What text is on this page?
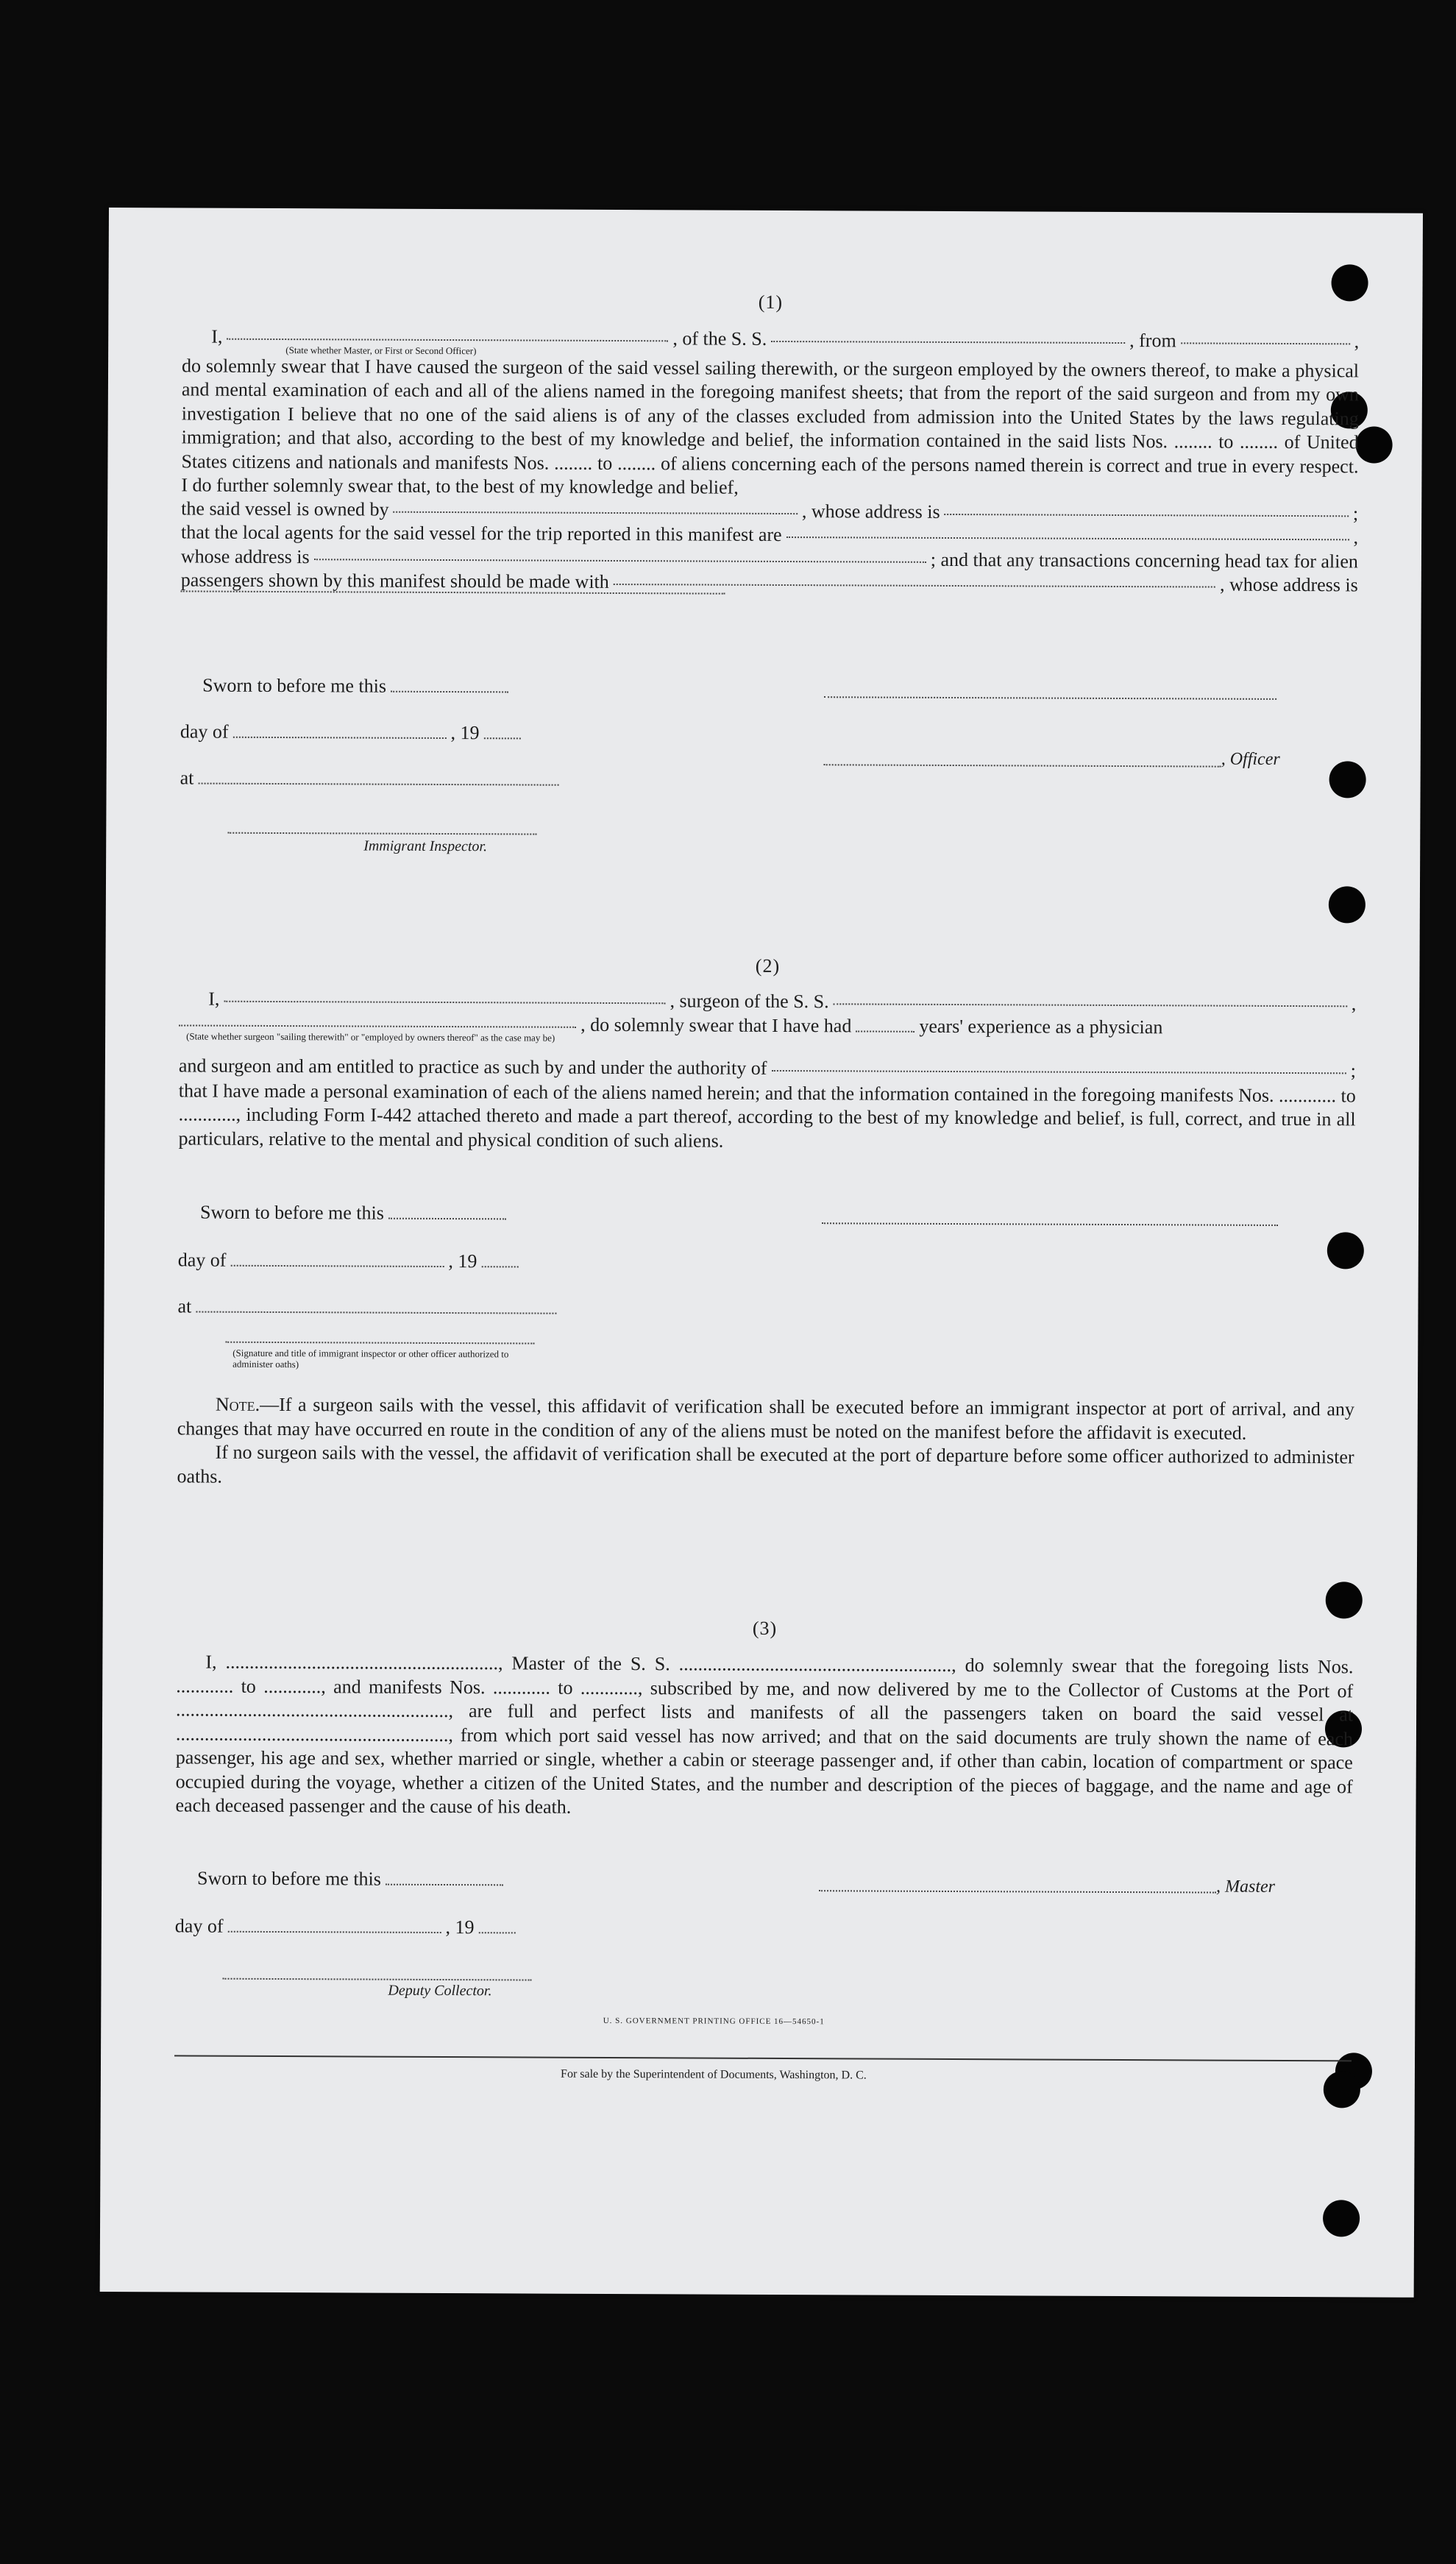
(1)
I,
(State whether Master, or First or Second Officer)
, of the S. S.	, from	,
do solemnly swear that I have caused the surgeon of the said vessel sailing therewith, or the surgeon employed by the owners thereof, to make a physical and mental examination of each and all of the aliens named in the foregoing manifest sheets; that from the report of the said surgeon and from my own investigation I believe that no one of the said aliens is of any of the classes excluded from admission into the United States by the laws regulating immigration; and that also, according to the best of my knowledge and belief, the information contained in the said lists Nos. ........ to ........ of United States citizens and nationals and manifests Nos. ........ to ........ of aliens concerning each of the persons named therein is correct and true in every respect. I do further solemnly swear that, to the best of my knowledge and belief,
the said vessel is owned by	, whose address is	;
that the local agents for the said vessel for the trip reported in this manifest are	,
whose address is	; and that any transactions concerning head tax for alien
passengers shown by this manifest should be made with	, whose address is
Sworn to before me this
day of	, 19
at
Immigrant Inspector.
, Officer
(2)
I,	, surgeon of the S. S.	,
(State whether surgeon "sailing therewith" or "employed by owners thereof" as the case may be)
, do solemnly swear that I have had	years' experience as a physician
and surgeon and am entitled to practice as such by and under the authority of	;
that I have made a personal examination of each of the aliens named herein; and that the information contained in the foregoing manifests Nos. ............ to ............, including Form I-442 attached thereto and made a part thereof, according to the best of my knowledge and belief, is full, correct, and true in all particulars, relative to the mental and physical condition of such aliens.
Sworn to before me this
day of	, 19
at
(Signature and title of immigrant inspector or other officer authorized to administer oaths)

Note.—If a surgeon sails with the vessel, this affidavit of verification shall be executed before an immigrant inspector at port of arrival, and any changes that may have occurred en route in the condition of any of the aliens must be noted on the manifest before the affidavit is executed.

If no surgeon sails with the vessel, the affidavit of verification shall be executed at the port of departure before some officer authorized to administer oaths.

(3)
I, ........................................................., Master of the S. S. ........................................................., do solemnly swear that the foregoing lists Nos. ............ to ............, and manifests Nos. ............ to ............, subscribed by me, and now delivered by me to the Collector of Customs at the Port of ........................................................., are full and perfect lists and manifests of all the passengers taken on board the said vessel at ........................................................., from which port said vessel has now arrived; and that on the said documents are truly shown the name of each passenger, his age and sex, whether married or single, whether a cabin or steerage passenger and, if other than cabin, location of compartment or space occupied during the voyage, whether a citizen of the United States, and the number and description of the pieces of baggage, and the name and age of each deceased passenger and the cause of his death.
Sworn to before me this	, Master
day of	, 19
Deputy Collector.
U. S. GOVERNMENT PRINTING OFFICE 16—54650-1
For sale by the Superintendent of Documents, Washington, D. C.
